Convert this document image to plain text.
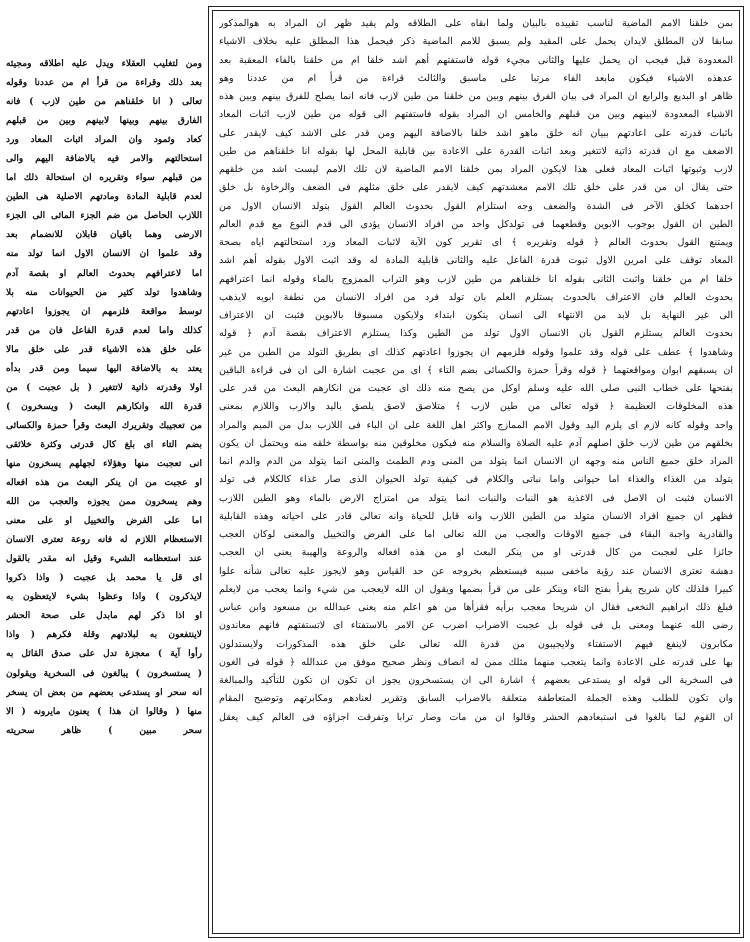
ومن لتغليب العقلاء ويدل عليه اطلاقه ومجيئه
بعد ذلك وقراءة من قرأ ام من عددنا وقوله
تعالى ( انا خلقناهم من طين لازب ) فانه
الفارق بينهم وبينها لابينهم وبين من قبلهم
كعاد وثمود وان المراد اثبات المعاد ورد
استحالتهم والامر فيه بالاضافة اليهم والى
من قبلهم سواء وتقريره ان استحالة ذلك اما
لعدم قابلية المادة ومادتهم الاصلية هى الطين
اللازب الحاصل من ضم الجزء المائى الى الجزء
الارضى وهما باقيان قابلان للانضمام بعد
وقد علموا ان الانسان الاول انما تولد منه
اما لاعترافهم بحدوث العالم او بقصة آدم
وشاهدوا تولد كثير من الحيوانات منه بلا
توسط مواقعة فلزمهم ان يجوزوا اعادتهم
كذلك واما لعدم قدرة الفاعل فان من قدر
على خلق هذه الاشياء قدر على خلق مالا
يعتد به بالاضافة اليها سيما ومن قدر بدأه
اولا وقدرته ذاتية لاتتغير ( بل عجبت ) من
قدرة الله وانكارهم البعث ( ويسخرون )
من تعجيبك وتقريرك البعث وقرأ حمزة والكسائى
بضم التاء اى بلغ كال قدرتى وكثرة خلائقى
انى تعجبت منها وهؤلاء لجهلهم يسخرون منها
او عجبت من ان ينكر البعث من هذه افعاله
وهم يسخرون ممن يجوزه والعجب من الله
اما على الفرض والتخييل او على معنى
الاستعظام اللازم له فانه روعة تعترى الانسان
عند استعظامه الشيء وقيل انه مقدر بالقول
اى قل يا محمد بل عجبت ( واذا ذكروا
لايذكرون ) واذا وعظوا بشيء لايتعظون به
او اذا ذكر لهم مابدل على صحة الحشر
لاينتفعون به لبلادتهم وقلة فكرهم ( واذا
رأوا آية ) معجزة تدل على صدق القائل به
( يستسخرون ) يبالغون فى السخرية ويقولون
انه سحر او يستدعى بعضهم من بعض ان يسخر
منها ( وقالوا ان هذا ) يعنون مايرونه ( الا
سحر مبين ) ظاهر سحريته
بمن خلقنا الامم الماضية لناسب تقييده بالبيان ولما ابقاه على الطلاقه ولم يقيد ظهر ان المراد به هوالمذكور
سابقا لان المطلق لايدان يحمل على المقيد ولم يسبق للامم الماضية ذكر فيحمل هذا المطلق عليه بخلاف الاشياء
المعدودة قبل فيجب ان يحمل عليها والثانى مجيء قوله فاستفتهم أهم اشد خلقا ام من خلقنا بالفاء المعقبة بعد
عدهذه الاشياء فيكون مابعد الفاء مرتبا على ماسبق والثالث قراءة من قرأ ام من عددنا وهو
ظاهر او البديع والرابع ان المراد فى بيان الفرق بينهم وبين من خلقنا من طين لازب فانه انما يصلح للفرق بينهم وبين هذه
الاشياء المعدودة لابينهم وبين من قبلهم والخامس ان المراد بقوله فاستفتهم الى قوله من طين لازب اثبات المعاد
باثبات قدرته على اعادتهم ببيان انه خلق ماهو اشد خلقا بالاضافة اليهم ومن قدر على الاشد كيف لايقدر على
الاضعف مع ان قدرته ذاتية لاتتغير وبعد اثبات القدرة على الاعادة بين قابلية المحل لها بقوله انا خلقناهم من طين
لازب وثبوتها اثبات المعاد فعلى هذا لايكون المراد بمن خلقنا الامم الماضية لان تلك الامم ليست اشد من خلقهم
حتى يقال ان من قدر على خلق تلك الامم معشدتهم كيف لايقدر على خلق مثلهم فى الضعف والرخاوة بل خلق
احدهما كخلق الآخر فى الشدة والضعف وجه استلزام القول بحدوث العالم القول بتولد الانسان الاول من
الطين ان القول بوجوب الابوين وقطعهما فى تولدكل واحد من افراد الانسان يؤدى الى قدم النوع مع قدم العالم
ويمتنع القول بحدوث العالم ﴿ قوله وتقريره ﴾ اى تقرير كون الآية لاثبات المعاد ورد استحالتهم اياه بصحة
المعاد توقف على امرين الاول ثبوت قدرة الفاعل عليه والثانى قابلية المادة له وقد اثبت الاول بقوله أهم اشد
خلقا ام من خلقنا واثبت الثانى بقوله انا خلقناهم من طين لازب وهو التراب الممزوج بالماء وقوله انما اعترافهم
بحدوث العالم فان الاعتراف بالحدوث يستلزم العلم بان تولد فرد من افراد الانسان من نطفة ابويه لايذهب
الى غير النهاية بل لابد من الانتهاء الى انسان يتكون ابتداء ولايكون مسبوقا بالابوين فثبت ان الاعتراف
بحدوث العالم يستلزم القول بان الانسان الاول تولد من الطين وكذا يستلزم الاعتراف بقصة آدم ﴿ قوله
وشاهدوا ﴾ عطف على قوله وقد علموا وقوله فلزمهم ان يجوزوا اعادتهم كذلك اى بطريق التولد من الطين من غير
ان يسبقهم ابوان ومواقعتهما ﴿ قوله وقرأ حمزة والكسائى بضم التاء ﴾ اى من عجبت اشارة الى ان فى قراءة الباقين
بفتحها على خطاب النبى صلى الله عليه وسلم اوكل من يصح منه ذلك اى عجبت من انكارهم البعث من قدر على
هذه المخلوقات العظيمة ﴿ قوله تعالى من طين لازب ﴾ متلاصق لاصق يلصق باليد والازب واللازم بمعنى
واحد وقوله كانه لازم اى يلزم اليد وقول الامم الممازج واكثر اهل اللغة على ان الباء فى اللازب بدل من الميم والمراد
بخلقهم من طين لازب خلق اصلهم آدم عليه الصلاة والسلام منه فيكون مخلوقين منه بواسطة خلقه منه ويحتمل ان يكون
المراد خلق جميع الناس منه وجهه ان الانسان انما يتولد من المنى ودم الطمث والمنى انما يتولد من الدم والدم انما
يتولد من الغذاء والغذاء اما حيوانى واما نباتى والكلام فى كيفية تولد الحيوان الذى صار غذاء كالكلام فى تولد
الانسان فثبت ان الاصل فى الاغذية هو النبات والنبات انما يتولد من امتزاج الارض بالماء وهو الطين اللازب
فظهر ان جميع افراد الانسان متولد من الطين اللازب وانه قابل للحياة وانه تعالى قادر على احياته وهذه القابلية
والقادرية واجبة البقاء فى جميع الاوقات والعجب من الله تعالى اما على الفرض والتخييل والمعنى لوكان العجب
جائزا على لعجبت من كال قدرتى او من ينكر البعث او من هذه افعاله والروعة والهيبة يعنى ان العجب
دهشة تعترى الانسان عند رؤية ماخفى سببه فيستعظم بخروجه عن حد القياس وهو لايجوز عليه تعالى شأنه علوا
كبيرا فلذلك كان شريح يقرأ بفتح التاء وينكر على من قرأ بضمها ويقول ان الله لايعجب من شيء وانما يعجب من لايعلم
فبلغ ذلك ابراهيم النخعى فقال ان شريحا معجب برأيه فقرأها من هو اعلم منه يعنى عبدالله بن مسعود وابن عباس
رضى الله عنهما ومعنى بل فى قوله بل عجبت الاضراب اضرب عن الامر بالاستفتاء اى لاتستفتهم فانهم معاندون
مكابرون لاينفع فيهم الاستفتاء ولايجيبون من قدرة الله تعالى على خلق هذه المذكورات ولايستدلون
بها على قدرته على الاعادة وانما يتعجب منهما مثلك ممن له انصاف ونظر صحيح موفق من عندالله ﴿ قوله فى الغون
فى السخرية الى قوله او يستدعى بعضهم ﴾ اشارة الى ان يستسخرون يجوز ان تكون ان تكون للتأكيد والمبالغة
وان تكون للطلب وهذه الجملة المتعاطفة متعلقة بالاضراب السابق وتقرير لعنادهم ومكابرتهم وتوضيح المقام
ان القوم لما بالغوا فى استبعادهم الحشر وقالوا ان من مات وصار ترابا وتفرقت اجزاؤه فى العالم كيف يعقل
